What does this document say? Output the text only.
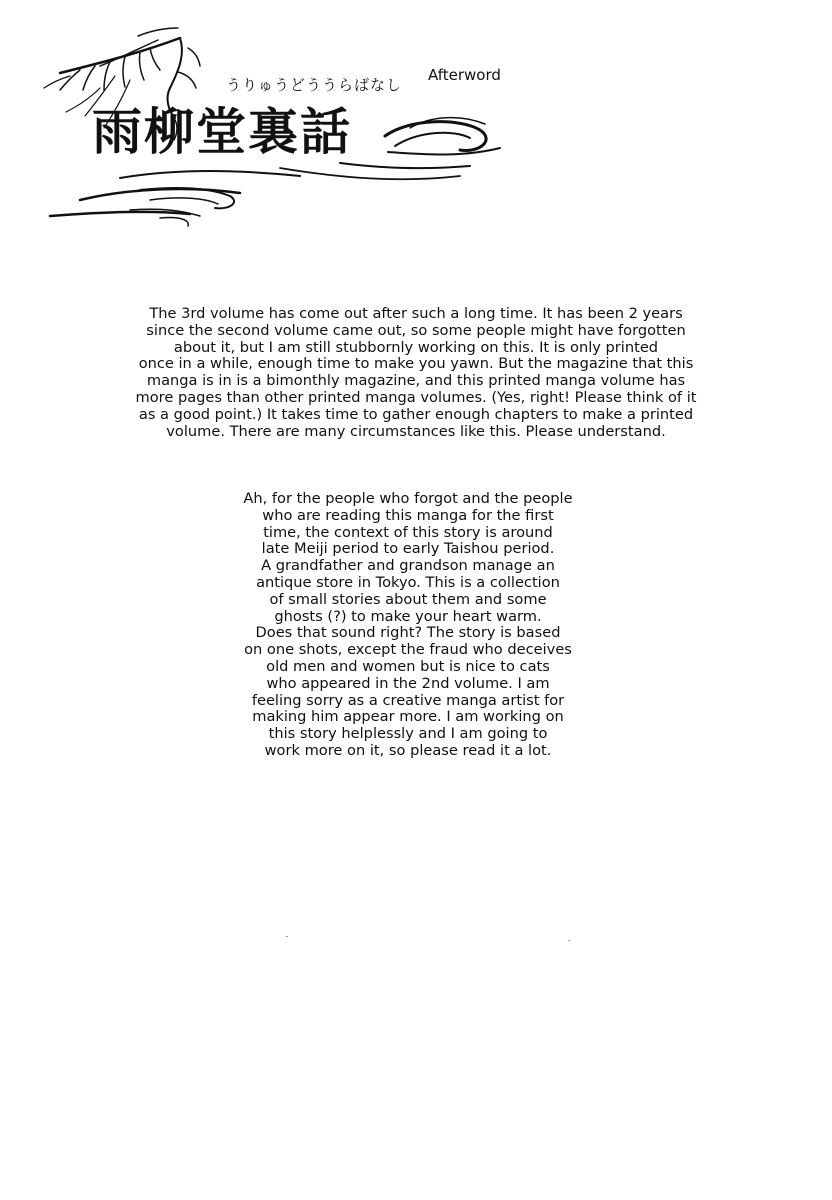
うりゅうどううらばなし
雨柳堂裏話
Afterword

The 3rd volume has come out after such a long time. It has been 2 years
since the second volume came out, so some people might have forgotten
about it, but I am still stubbornly working on this. It is only printed
once in a while, enough time to make you yawn. But the magazine that this
manga is in is a bimonthly magazine, and this printed manga volume has
more pages than other printed manga volumes. (Yes, right! Please think of it
as a good point.) It takes time to gather enough chapters to make a printed
volume. There are many circumstances like this. Please understand.

Ah, for the people who forgot and the people
who are reading this manga for the first
time, the context of this story is around
late Meiji period to early Taishou period.
A grandfather and grandson manage an
antique store in Tokyo. This is a collection
of small stories about them and some
ghosts (?) to make your heart warm.
Does that sound right? The story is based
on one shots, except the fraud who deceives
old men and women but is nice to cats
who appeared in the 2nd volume. I am
feeling sorry as a creative manga artist for
making him appear more. I am working on
this story helplessly and I am going to
work more on it, so please read it a lot.
